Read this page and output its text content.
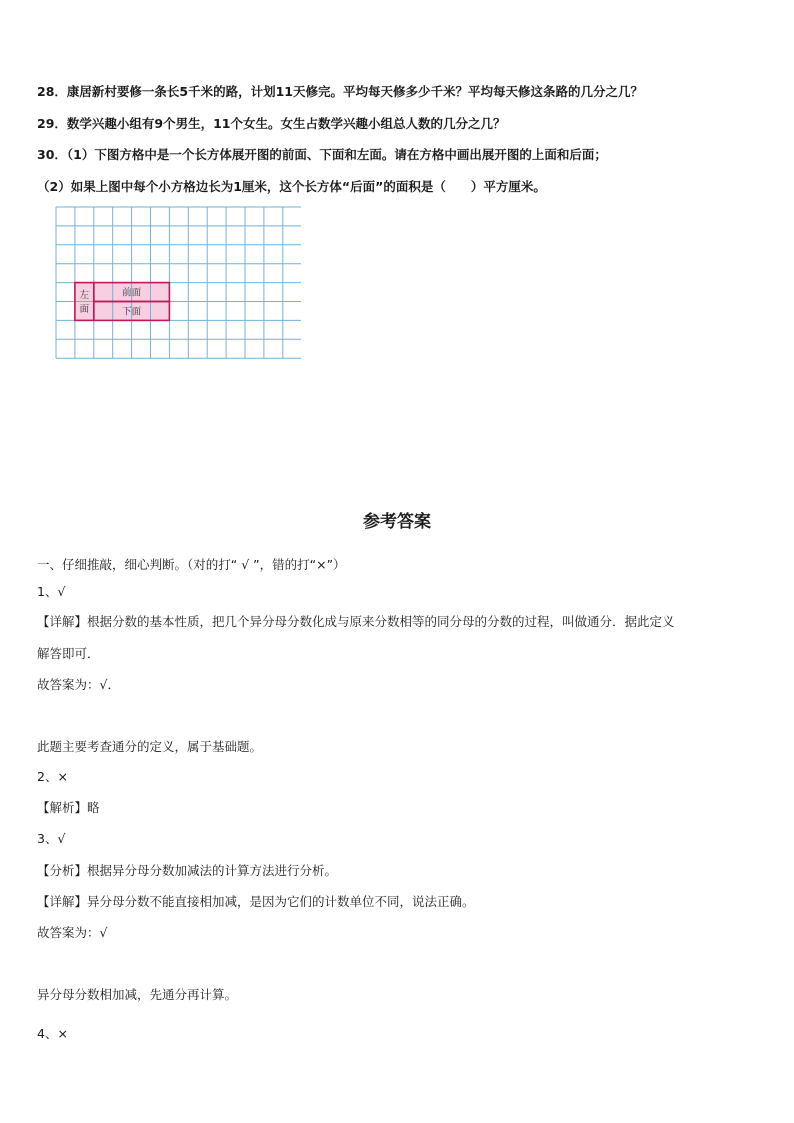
28．康居新村要修一条长5千米的路，计划11天修完。平均每天修多少千米？平均每天修这条路的几分之几？
29．数学兴趣小组有9个男生，11个女生。女生占数学兴趣小组总人数的几分之几？
30．（1）下图方格中是一个长方体展开图的前面、下面和左面。请在方格中画出展开图的上面和后面；
（2）如果上图中每个小方格边长为1厘米，这个长方体“后面”的面积是（　　）平方厘米。
左
面
前面
下面
参考答案
一、仔细推敲，细心判断。（对的打“ √ ”，错的打“×”）
1、√
【详解】根据分数的基本性质，把几个异分母分数化成与原来分数相等的同分母的分数的过程，叫做通分．据此定义
解答即可．
故答案为：√．
此题主要考查通分的定义，属于基础题。
2、×
【解析】略
3、√
【分析】根据异分母分数加减法的计算方法进行分析。
【详解】异分母分数不能直接相加减，是因为它们的计数单位不同，说法正确。
故答案为：√
异分母分数相加减，先通分再计算。
4、×
